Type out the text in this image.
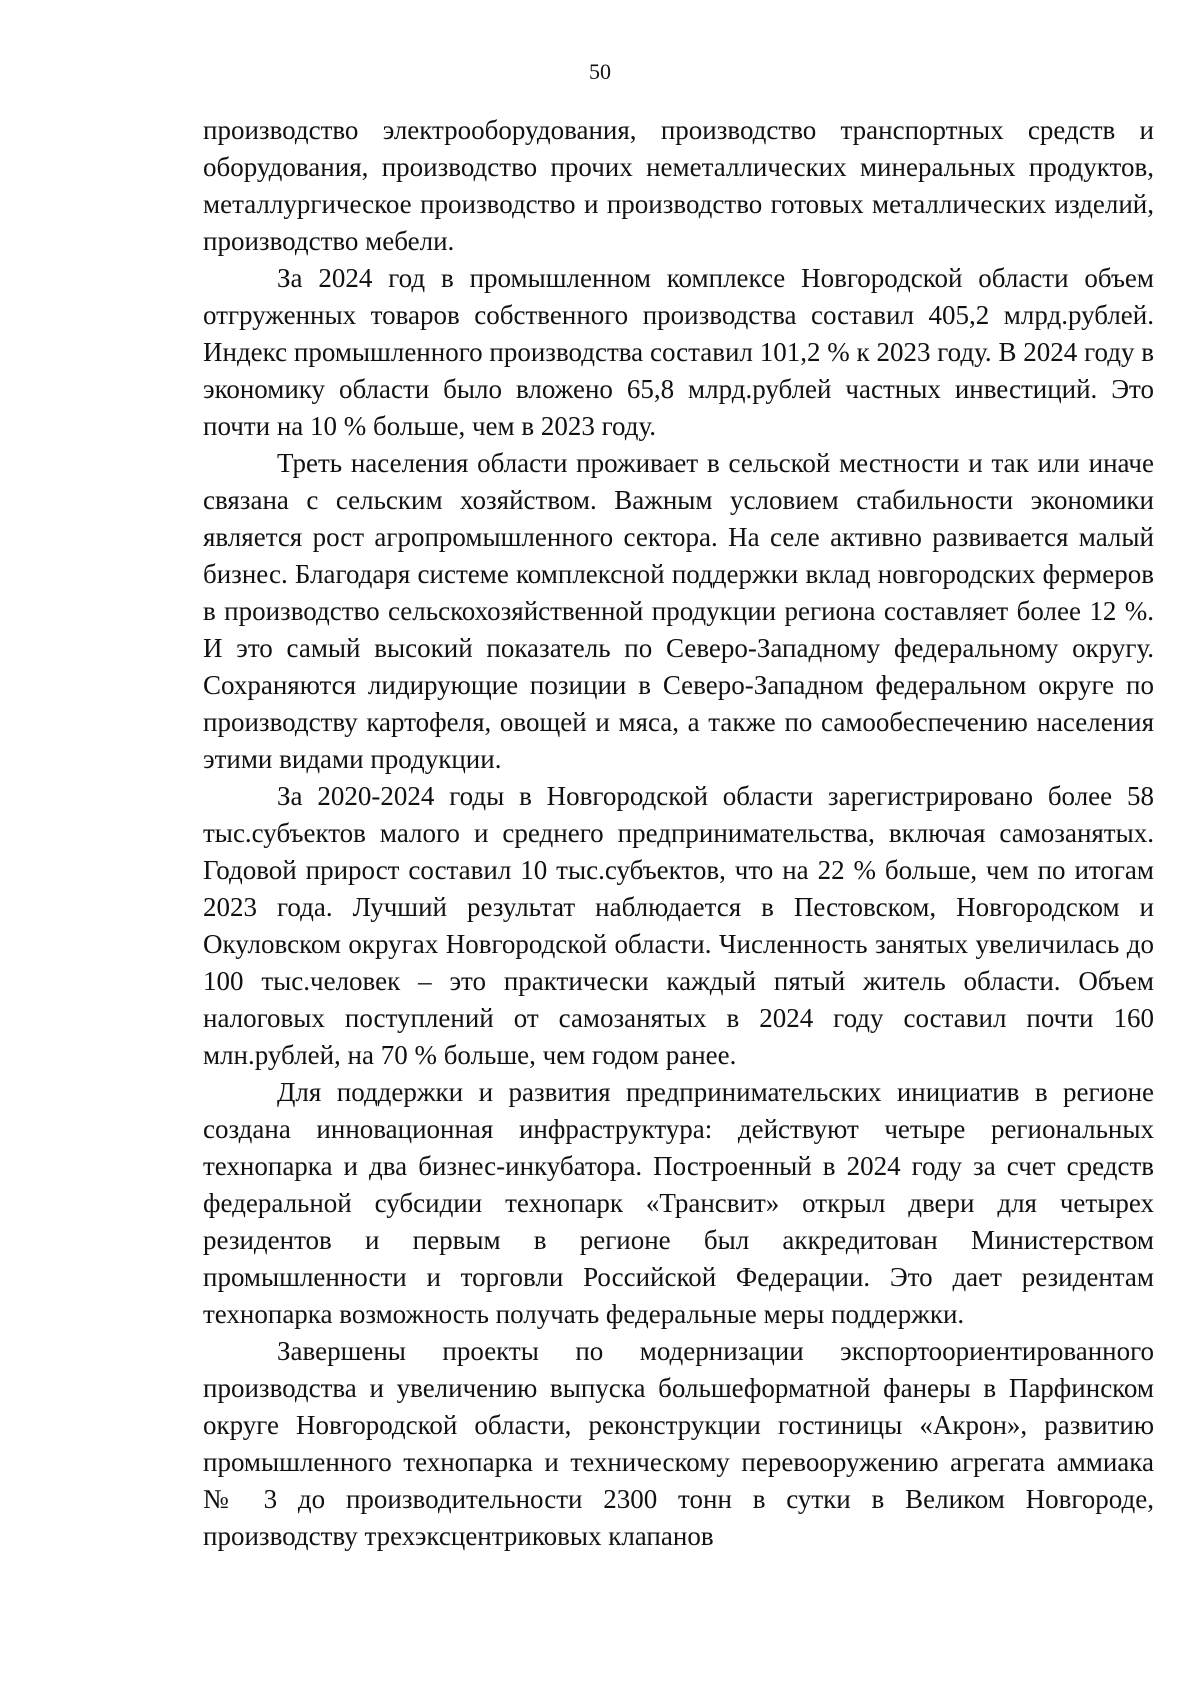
50

производство электрооборудования, производство транспортных средств и оборудования, производство прочих неметаллических минеральных продуктов, металлургическое производство и производство готовых металлических изделий, производство мебели.

За 2024 год в промышленном комплексе Новгородской области объем отгруженных товаров собственного производства составил 405,2 млрд.рублей. Индекс промышленного производства составил 101,2 % к 2023 году. В 2024 году в экономику области было вложено 65,8 млрд.рублей частных инвестиций. Это почти на 10 % больше, чем в 2023 году.

Треть населения области проживает в сельской местности и так или иначе связана с сельским хозяйством. Важным условием стабильности экономики является рост агропромышленного сектора. На селе активно развивается малый бизнес. Благодаря системе комплексной поддержки вклад новгородских фермеров в производство сельскохозяйственной продукции региона составляет более 12 %. И это самый высокий показатель по Северо-Западному федеральному округу. Сохраняются лидирующие позиции в Северо-Западном федеральном округе по производству картофеля, овощей и мяса, а также по самообеспечению населения этими видами продукции.

За 2020-2024 годы в Новгородской области зарегистрировано более 58 тыс.субъектов малого и среднего предпринимательства, включая самозанятых. Годовой прирост составил 10 тыс.субъектов, что на 22 % больше, чем по итогам 2023 года. Лучший результат наблюдается в Пестовском, Новгородском и Окуловском округах Новгородской области. Численность занятых увеличилась до 100 тыс.человек – это практически каждый пятый житель области. Объем налоговых поступлений от самозанятых в 2024 году составил почти 160 млн.рублей, на 70 % больше, чем годом ранее.

Для поддержки и развития предпринимательских инициатив в регионе создана инновационная инфраструктура: действуют четыре региональных технопарка и два бизнес-инкубатора. Построенный в 2024 году за счет средств федеральной субсидии технопарк «Трансвит» открыл двери для четырех резидентов и первым в регионе был аккредитован Министерством промышленности и торговли Российской Федерации. Это дает резидентам технопарка возможность получать федеральные меры поддержки.

Завершены проекты по модернизации экспортоориентированного производства и увеличению выпуска большеформатной фанеры в Парфинском округе Новгородской области, реконструкции гостиницы «Акрон», развитию промышленного технопарка и техническому перевооружению агрегата аммиака № 3 до производительности 2300 тонн в сутки в Великом Новгороде, производству трехэксцентриковых клапанов
